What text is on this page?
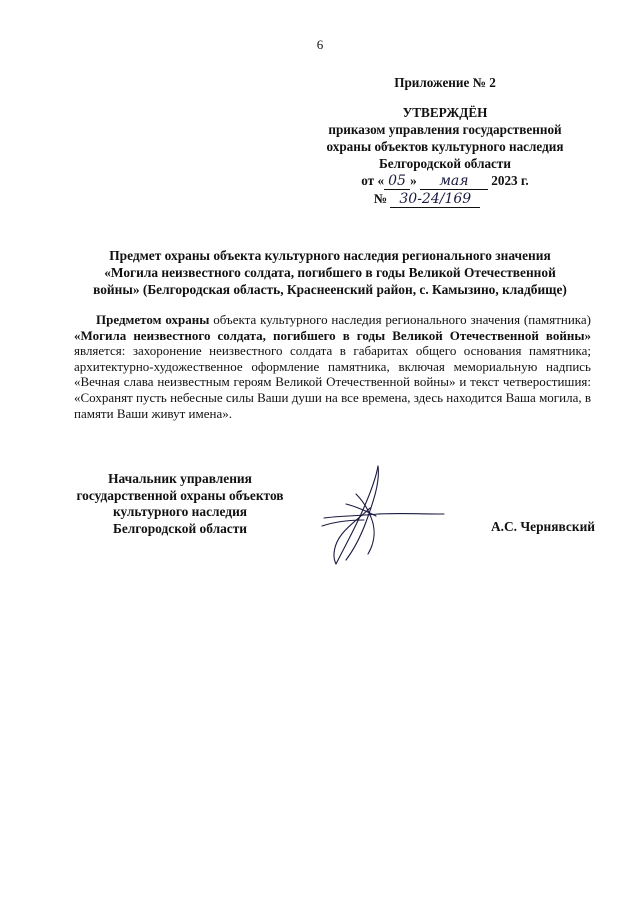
6
Приложение № 2
УТВЕРЖДЁН
приказом управления государственной
охраны объектов культурного наследия
Белгородской области
от « 05 » мая 2023 г.
№ 30-24/169
Предмет охраны объекта культурного наследия регионального значения
«Могила неизвестного солдата, погибшего в годы Великой Отечественной
войны» (Белгородская область, Краснеенский район, с. Камызино, кладбище)

Предметом охраны объекта культурного наследия регионального значения (памятника) «Могила неизвестного солдата, погибшего в годы Великой Отечественной войны» является: захоронение неизвестного солдата в габаритах общего основания памятника; архитектурно-художественное оформление памятника, включая мемориальную надпись «Вечная слава неизвестным героям Великой Отечественной войны» и текст четверостишия: «Сохранят пусть небесные силы Ваши души на все времена, здесь находится Ваша могила, в памяти Ваши живут имена».

Начальник управления
государственной охраны объектов
культурного наследия
Белгородской области	А.С. Чернявский
